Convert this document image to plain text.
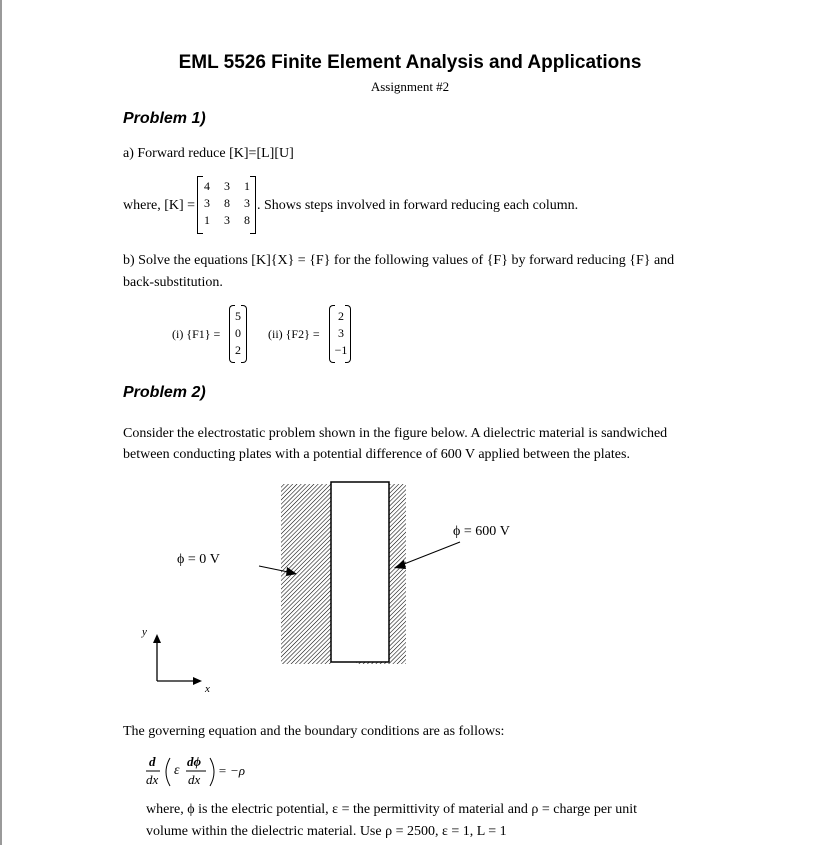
EML 5526 Finite Element Analysis and Applications
Assignment #2
Problem 1)
a) Forward reduce [K]=[L][U]
where, [K] =
4 3 1
3 8 3
1 3 8
. Shows steps involved in forward reducing each column.
b) Solve the equations [K]{X} = {F} for the following values of {F} by forward reducing {F} and
back-substitution.
(i) {F1} =
5
0
2
(ii) {F2} =
2
3
−1
Problem 2)
Consider the electrostatic problem shown in the figure below. A dielectric material is sandwiched
between conducting plates with a potential difference of 600 V applied between the plates.
ϕ = 600 V
ϕ = 0 V
y
x
The governing equation and the boundary conditions are as follows:
d
dx
ε
dϕ
dx
= −ρ
where, ϕ is the electric potential, ε = the permittivity of material and ρ = charge per unit
volume within the dielectric material. Use ρ = 2500, ε = 1, L = 1
